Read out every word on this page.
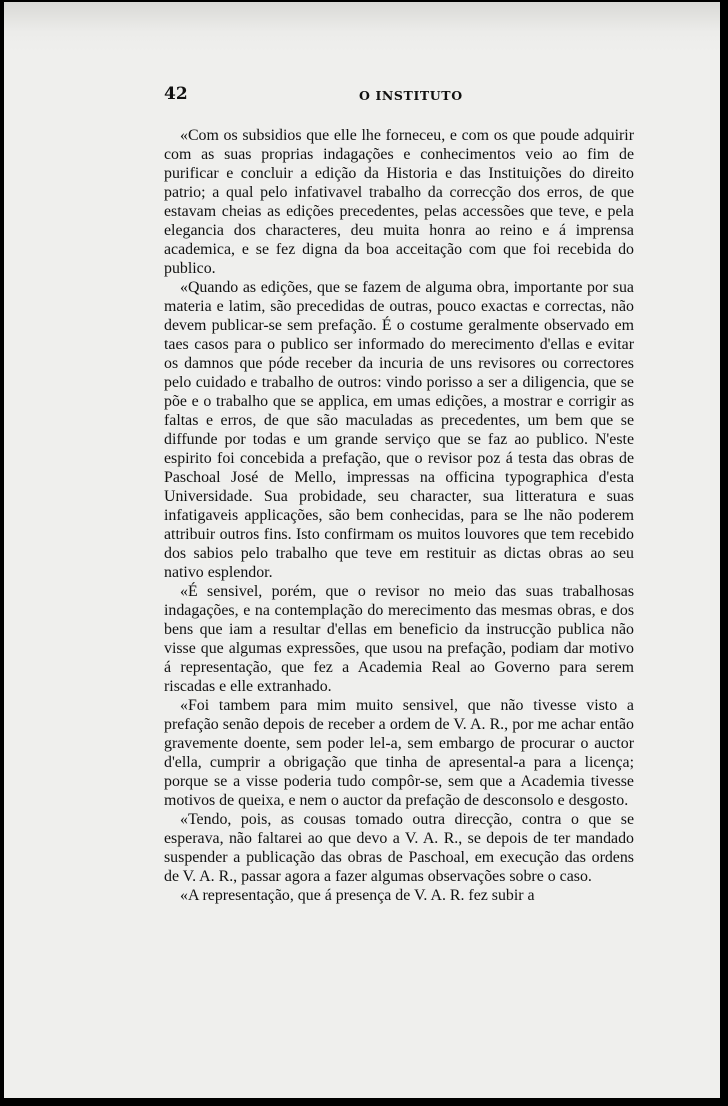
42	O INSTITUTO

«Com os subsidios que elle lhe forneceu, e com os que poude adquirir com as suas proprias indagações e conhecimentos veio ao fim de purificar e concluir a edição da Historia e das Instituições do direito patrio; a qual pelo infativavel trabalho da correcção dos erros, de que estavam cheias as edições precedentes, pelas accessões que teve, e pela elegancia dos characteres, deu muita honra ao reino e á imprensa academica, e se fez digna da boa acceitação com que foi recebida do publico.

«Quando as edições, que se fazem de alguma obra, importante por sua materia e latim, são precedidas de outras, pouco exactas e correctas, não devem publicar-se sem prefação. É o costume geralmente observado em taes casos para o publico ser informado do merecimento d'ellas e evitar os damnos que póde receber da incuria de uns revisores ou correctores pelo cuidado e trabalho de outros: vindo porisso a ser a diligencia, que se põe e o trabalho que se applica, em umas edições, a mostrar e corrigir as faltas e erros, de que são maculadas as precedentes, um bem que se diffunde por todas e um grande serviço que se faz ao publico. N'este espirito foi concebida a prefação, que o revisor poz á testa das obras de Paschoal José de Mello, impressas na officina typographica d'esta Universidade. Sua probidade, seu character, sua litteratura e suas infatigaveis applicações, são bem conhecidas, para se lhe não poderem attribuir outros fins. Isto confirmam os muitos louvores que tem recebido dos sabios pelo trabalho que teve em restituir as dictas obras ao seu nativo esplendor.

«É sensivel, porém, que o revisor no meio das suas trabalhosas indagações, e na contemplação do merecimento das mesmas obras, e dos bens que iam a resultar d'ellas em beneficio da instrucção publica não visse que algumas expressões, que usou na prefação, podiam dar motivo á representação, que fez a Academia Real ao Governo para serem riscadas e elle extranhado.

«Foi tambem para mim muito sensivel, que não tivesse visto a prefação senão depois de receber a ordem de V. A. R., por me achar então gravemente doente, sem poder lel-a, sem embargo de procurar o auctor d'ella, cumprir a obrigação que tinha de apresental-a para a licença; porque se a visse poderia tudo compôr-se, sem que a Academia tivesse motivos de queixa, e nem o auctor da prefação de desconsolo e desgosto.

«Tendo, pois, as cousas tomado outra direcção, contra o que se esperava, não faltarei ao que devo a V. A. R., se depois de ter mandado suspender a publicação das obras de Paschoal, em execução das ordens de V. A. R., passar agora a fazer algumas observações sobre o caso.

«A representação, que á presença de V. A. R. fez subir a
